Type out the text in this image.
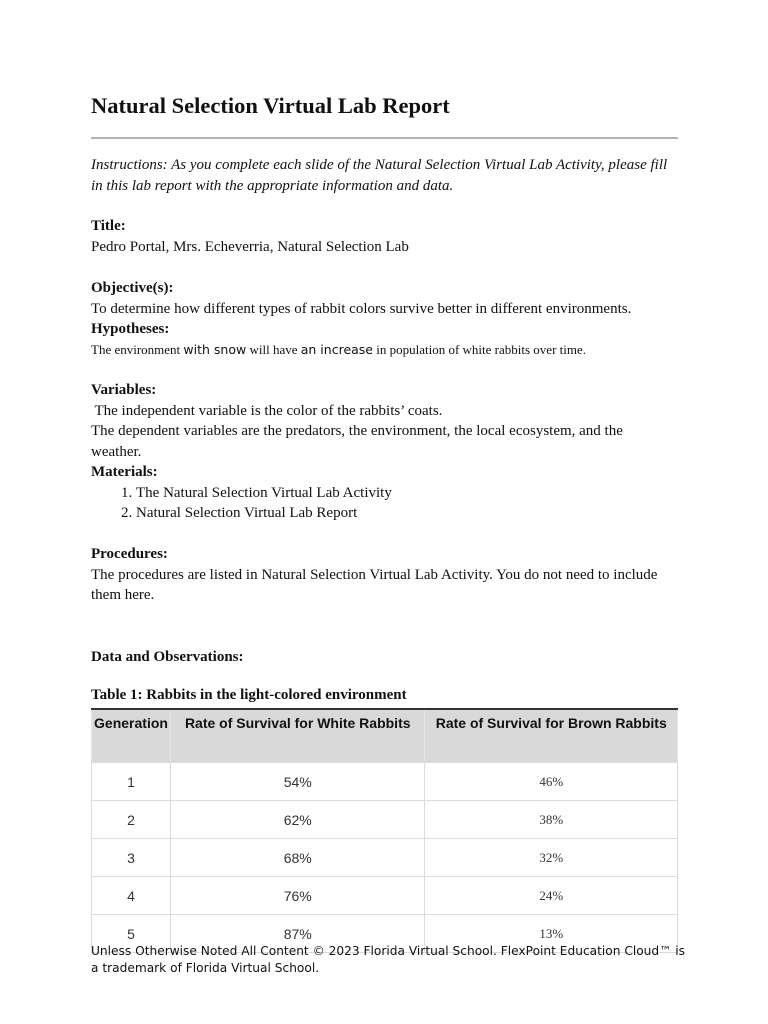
Natural Selection Virtual Lab Report
Instructions: As you complete each slide of the Natural Selection Virtual Lab Activity, please fill in this lab report with the appropriate information and data.
Title:
Pedro Portal, Mrs. Echeverria, Natural Selection Lab
Objective(s):
To determine how different types of rabbit colors survive better in different environments.
Hypotheses:
The environment with snow will have an increase in population of white rabbits over time.
Variables:
The independent variable is the color of the rabbits’ coats.
The dependent variables are the predators, the environment, the local ecosystem, and the weather.
Materials:
1. The Natural Selection Virtual Lab Activity
2. Natural Selection Virtual Lab Report
Procedures:
The procedures are listed in Natural Selection Virtual Lab Activity. You do not need to include them here.
Data and Observations:
Table 1: Rabbits in the light-colored environment
Generation	Rate of Survival for White Rabbits	Rate of Survival for Brown Rabbits
1	54%	46%
2	62%	38%
3	68%	32%
4	76%	24%
5	87%	13%
Unless Otherwise Noted All Content © 2023 Florida Virtual School. FlexPoint Education Cloud™ is a trademark of Florida Virtual School.
